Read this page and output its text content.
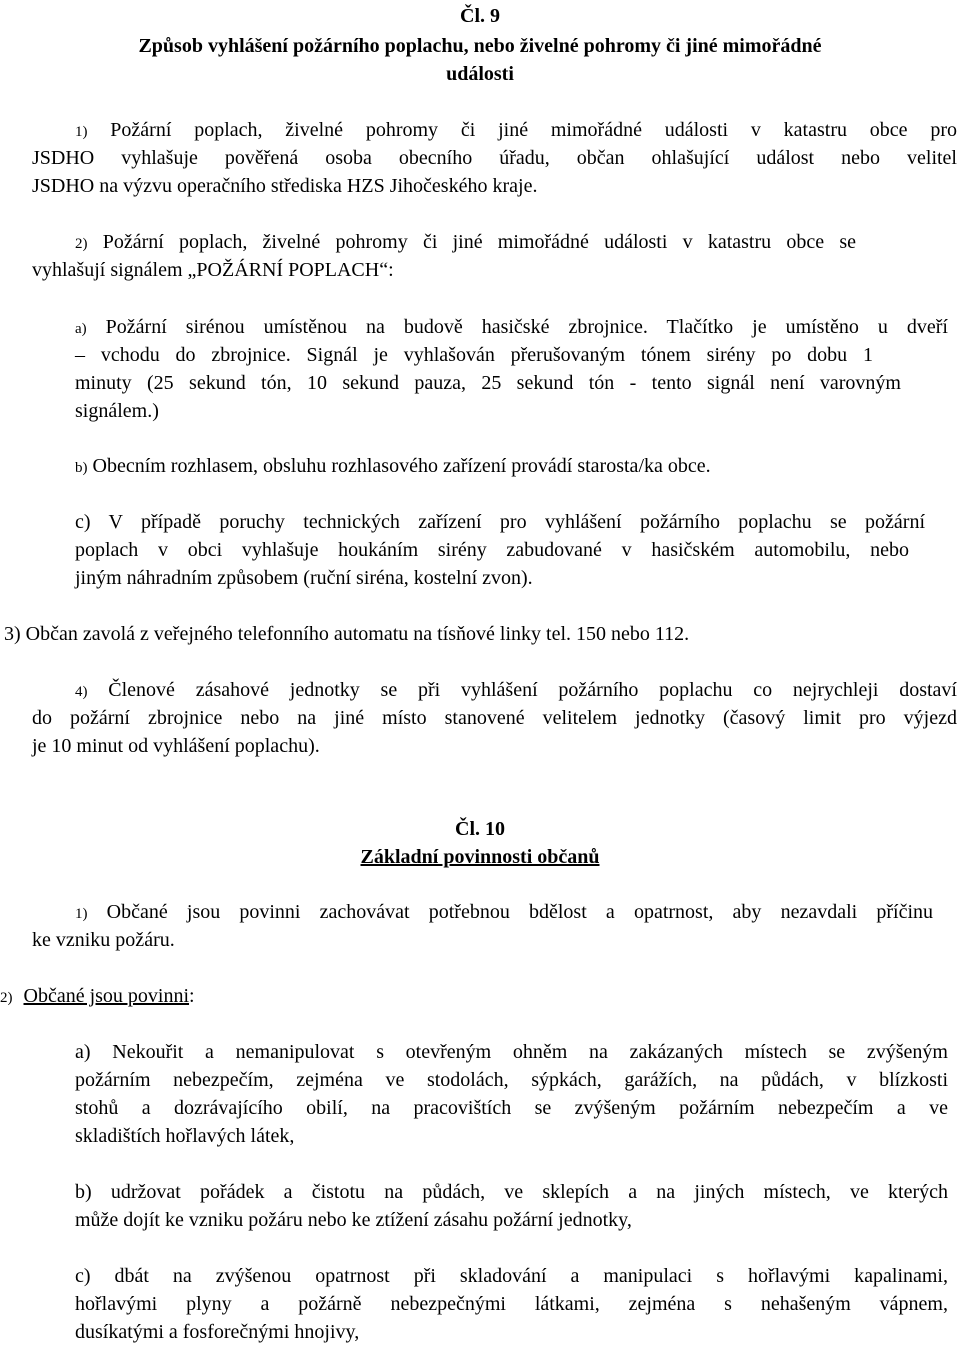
Čl. 9
Způsob vyhlášení požárního poplachu, nebo živelné pohromy či jiné mimořádné
události
1) Požární poplach, živelné pohromy či jiné mimořádné události v katastru obce pro
JSDHO vyhlašuje pověřená osoba obecního úřadu, občan ohlašující událost nebo velitel
JSDHO na výzvu operačního střediska HZS Jihočeského kraje.
2) Požární poplach, živelné pohromy či jiné mimořádné události v katastru obce se
vyhlašují signálem „POŽÁRNÍ POPLACH“:
a) Požární sirénou umístěnou na budově hasičské zbrojnice. Tlačítko je umístěno u dveří
– vchodu do zbrojnice. Signál je vyhlašován přerušovaným tónem sirény po dobu 1
minuty (25 sekund tón, 10 sekund pauza, 25 sekund tón - tento signál není varovným
signálem.)
b) Obecním rozhlasem, obsluhu rozhlasového zařízení provádí starosta/ka obce.
c) V případě poruchy technických zařízení pro vyhlášení požárního poplachu se požární
poplach v obci vyhlašuje houkáním sirény zabudované v hasičském automobilu, nebo
jiným náhradním způsobem (ruční siréna, kostelní zvon).
3) Občan zavolá z veřejného telefonního automatu na tísňové linky tel. 150 nebo 112.
4) Členové zásahové jednotky se při vyhlášení požárního poplachu co nejrychleji dostaví
do požární zbrojnice nebo na jiné místo stanovené velitelem jednotky (časový limit pro výjezd
je 10 minut od vyhlášení poplachu).
Čl. 10
Základní povinnosti občanů
1) Občané jsou povinni zachovávat potřebnou bdělost a opatrnost, aby nezavdali příčinu
ke vzniku požáru.
2) Občané jsou povinni:
a) Nekouřit a nemanipulovat s otevřeným ohněm na zakázaných místech se zvýšeným
požárním nebezpečím, zejména ve stodolách, sýpkách, garážích, na půdách, v blízkosti
stohů a dozrávajícího obilí, na pracovištích se zvýšeným požárním nebezpečím a ve
skladištích hořlavých látek,
b) udržovat pořádek a čistotu na půdách, ve sklepích a na jiných místech, ve kterých
může dojít ke vzniku požáru nebo ke ztížení zásahu požární jednotky,
c) dbát na zvýšenou opatrnost při skladování a manipulaci s hořlavými kapalinami,
hořlavými plyny a požárně nebezpečnými látkami, zejména s nehašeným vápnem,
dusíkatými a fosforečnými hnojivy,
